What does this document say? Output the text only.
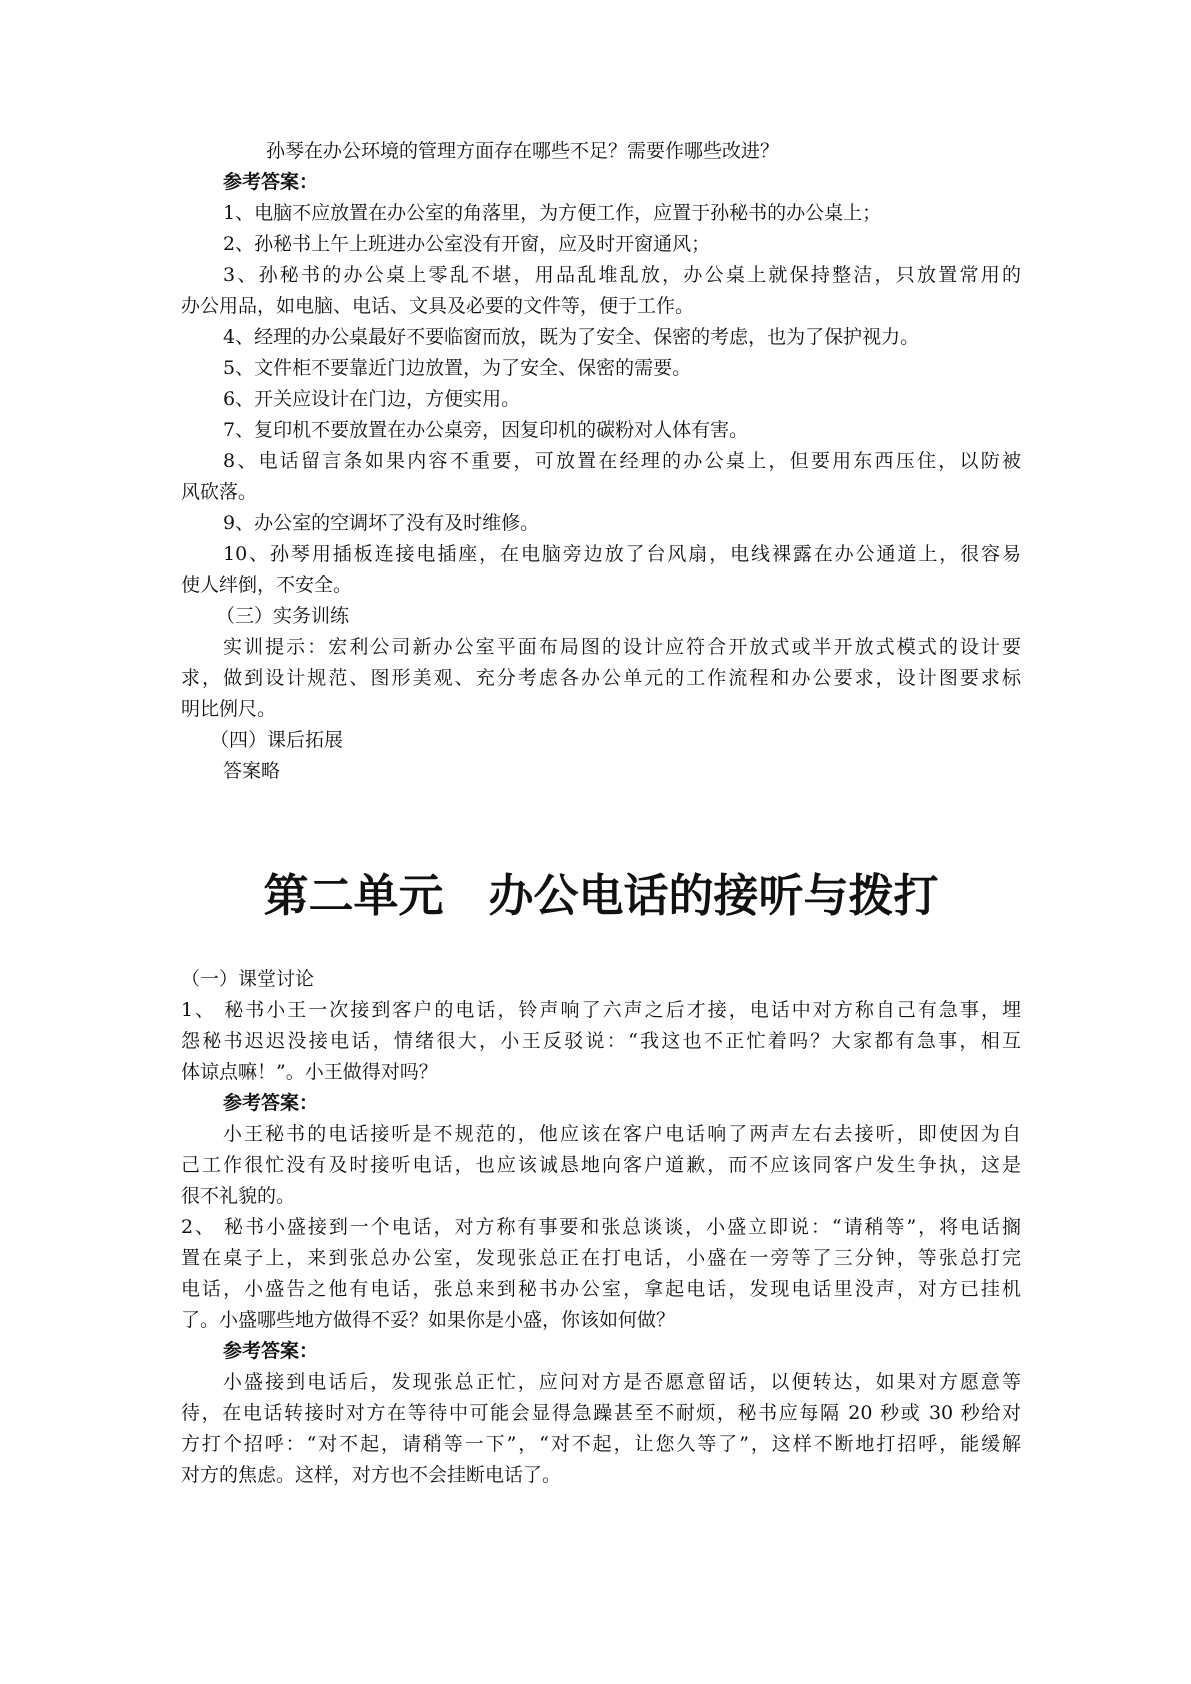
孙琴在办公环境的管理方面存在哪些不足？需要作哪些改进？
参考答案：
1、电脑不应放置在办公室的角落里，为方便工作，应置于孙秘书的办公桌上；
2、孙秘书上午上班进办公室没有开窗，应及时开窗通风；
3、孙秘书的办公桌上零乱不堪，用品乱堆乱放，办公桌上就保持整洁，只放置常用的
办公用品，如电脑、电话、文具及必要的文件等，便于工作。
4、经理的办公桌最好不要临窗而放，既为了安全、保密的考虑，也为了保护视力。
5、文件柜不要靠近门边放置，为了安全、保密的需要。
6、开关应设计在门边，方便实用。
7、复印机不要放置在办公桌旁，因复印机的碳粉对人体有害。
8、电话留言条如果内容不重要，可放置在经理的办公桌上，但要用东西压住，以防被
风砍落。
9、办公室的空调坏了没有及时维修。
10、孙琴用插板连接电插座，在电脑旁边放了台风扇，电线裸露在办公通道上，很容易
使人绊倒，不安全。
（三）实务训练
实训提示：宏利公司新办公室平面布局图的设计应符合开放式或半开放式模式的设计要
求，做到设计规范、图形美观、充分考虑各办公单元的工作流程和办公要求，设计图要求标
明比例尺。
（四）课后拓展
答案略
第二单元　办公电话的接听与拨打
（一）课堂讨论
1、 秘书小王一次接到客户的电话，铃声响了六声之后才接，电话中对方称自己有急事，埋
怨秘书迟迟没接电话，情绪很大，小王反驳说：“我这也不正忙着吗？大家都有急事，相互
体谅点嘛！”。小王做得对吗？
参考答案：
小王秘书的电话接听是不规范的，他应该在客户电话响了两声左右去接听，即使因为自
己工作很忙没有及时接听电话，也应该诚恳地向客户道歉，而不应该同客户发生争执，这是
很不礼貌的。
2、 秘书小盛接到一个电话，对方称有事要和张总谈谈，小盛立即说：“请稍等”，将电话搁
置在桌子上，来到张总办公室，发现张总正在打电话，小盛在一旁等了三分钟，等张总打完
电话，小盛告之他有电话，张总来到秘书办公室，拿起电话，发现电话里没声，对方已挂机
了。小盛哪些地方做得不妥？如果你是小盛，你该如何做？
参考答案：
小盛接到电话后，发现张总正忙，应问对方是否愿意留话，以便转达，如果对方愿意等
待，在电话转接时对方在等待中可能会显得急躁甚至不耐烦，秘书应每隔 20 秒或 30 秒给对
方打个招呼：“对不起，请稍等一下”，“对不起，让您久等了”，这样不断地打招呼，能缓解
对方的焦虑。这样，对方也不会挂断电话了。
